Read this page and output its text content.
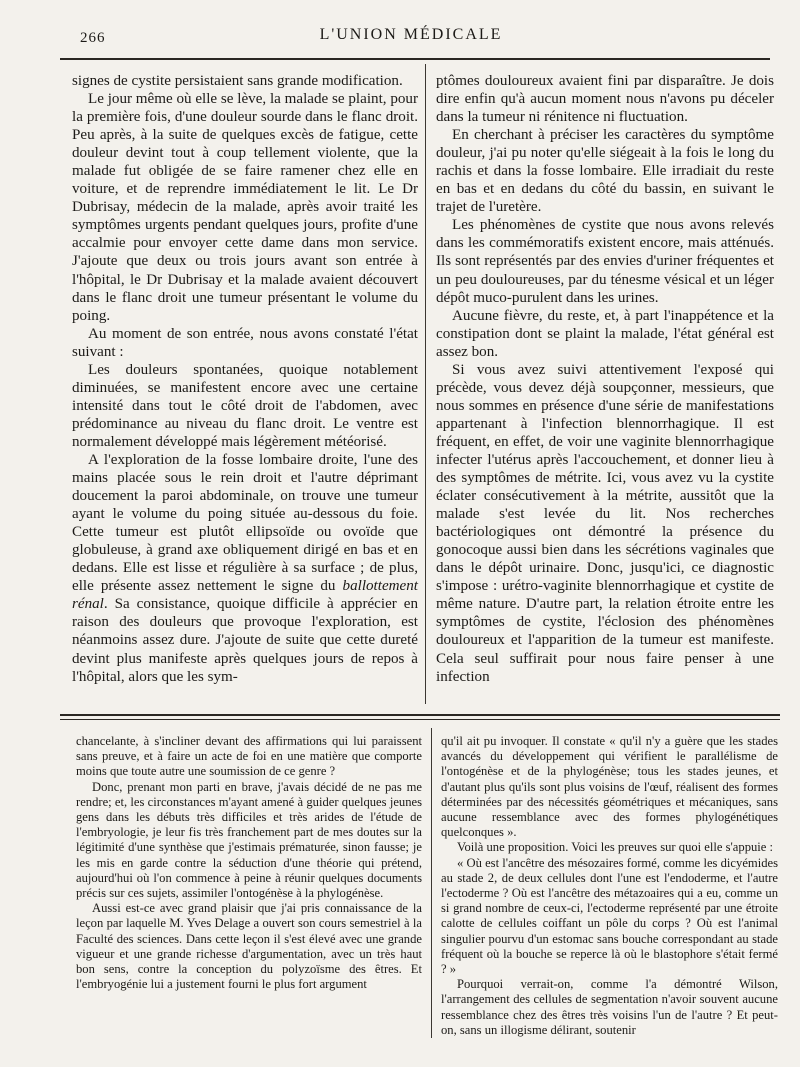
266	L'UNION MÉDICALE

signes de cystite persistaient sans grande modification.

Le jour même où elle se lève, la malade se plaint, pour la première fois, d'une douleur sourde dans le flanc droit. Peu après, à la suite de quelques excès de fatigue, cette douleur devint tout à coup tellement violente, que la malade fut obligée de se faire ramener chez elle en voiture, et de reprendre immédiatement le lit. Le Dr Dubrisay, médecin de la malade, après avoir traité les symptômes urgents pendant quelques jours, profite d'une accalmie pour envoyer cette dame dans mon service. J'ajoute que deux ou trois jours avant son entrée à l'hôpital, le Dr Dubrisay et la malade avaient découvert dans le flanc droit une tumeur présentant le volume du poing.

Au moment de son entrée, nous avons constaté l'état suivant :

Les douleurs spontanées, quoique notablement diminuées, se manifestent encore avec une certaine intensité dans tout le côté droit de l'abdomen, avec prédominance au niveau du flanc droit. Le ventre est normalement développé mais légèrement météorisé.

A l'exploration de la fosse lombaire droite, l'une des mains placée sous le rein droit et l'autre déprimant doucement la paroi abdominale, on trouve une tumeur ayant le volume du poing située au-dessous du foie. Cette tumeur est plutôt ellipsoïde ou ovoïde que globuleuse, à grand axe obliquement dirigé en bas et en dedans. Elle est lisse et régulière à sa surface ; de plus, elle présente assez nettement le signe du ballottement rénal. Sa consistance, quoique difficile à apprécier en raison des douleurs que provoque l'exploration, est néanmoins assez dure. J'ajoute de suite que cette dureté devint plus manifeste après quelques jours de repos à l'hôpital, alors que les sym-

ptômes douloureux avaient fini par disparaître. Je dois dire enfin qu'à aucun moment nous n'avons pu déceler dans la tumeur ni rénitence ni fluctuation.

En cherchant à préciser les caractères du symptôme douleur, j'ai pu noter qu'elle siégeait à la fois le long du rachis et dans la fosse lombaire. Elle irradiait du reste en bas et en dedans du côté du bassin, en suivant le trajet de l'uretère.

Les phénomènes de cystite que nous avons relevés dans les commémoratifs existent encore, mais atténués. Ils sont représentés par des envies d'uriner fréquentes et un peu douloureuses, par du ténesme vésical et un léger dépôt muco-purulent dans les urines.

Aucune fièvre, du reste, et, à part l'inappétence et la constipation dont se plaint la malade, l'état général est assez bon.

Si vous avez suivi attentivement l'exposé qui précède, vous devez déjà soupçonner, messieurs, que nous sommes en présence d'une série de manifestations appartenant à l'infection blennorrhagique. Il est fréquent, en effet, de voir une vaginite blennorrhagique infecter l'utérus après l'accouchement, et donner lieu à des symptômes de métrite. Ici, vous avez vu la cystite éclater consécutivement à la métrite, aussitôt que la malade s'est levée du lit. Nos recherches bactériologiques ont démontré la présence du gonocoque aussi bien dans les sécrétions vaginales que dans le dépôt urinaire. Donc, jusqu'ici, ce diagnostic s'impose : urétro-vaginite blennorrhagique et cystite de même nature. D'autre part, la relation étroite entre les symptômes de cystite, l'éclosion des phénomènes douloureux et l'apparition de la tumeur est manifeste. Cela seul suffirait pour nous faire penser à une infection

chancelante, à s'incliner devant des affirmations qui lui paraissent sans preuve, et à faire un acte de foi en une matière que comporte moins que toute autre une soumission de ce genre ?

Donc, prenant mon parti en brave, j'avais décidé de ne pas me rendre; et, les circonstances m'ayant amené à guider quelques jeunes gens dans les débuts très difficiles et très arides de l'étude de l'embryologie, je leur fis très franchement part de mes doutes sur la légitimité d'une synthèse que j'estimais prématurée, sinon fausse; je les mis en garde contre la séduction d'une théorie qui prétend, aujourd'hui où l'on commence à peine à réunir quelques documents précis sur ces sujets, assimiler l'ontogénèse à la phylogénèse.

Aussi est-ce avec grand plaisir que j'ai pris connaissance de la leçon par laquelle M. Yves Delage a ouvert son cours semestriel à la Faculté des sciences. Dans cette leçon il s'est élevé avec une grande vigueur et une grande richesse d'argumentation, avec un très haut bon sens, contre la conception du polyzoïsme des êtres. Et l'embryogénie lui a justement fourni le plus fort argument

qu'il ait pu invoquer. Il constate « qu'il n'y a guère que les stades avancés du développement qui vérifient le parallélisme de l'ontogénèse et de la phylogénèse; tous les stades jeunes, et d'autant plus qu'ils sont plus voisins de l'œuf, réalisent des formes déterminées par des nécessités géométriques et mécaniques, sans aucune ressemblance avec des formes phylogénétiques quelconques ».

Voilà une proposition. Voici les preuves sur quoi elle s'appuie :

« Où est l'ancêtre des mésozaires formé, comme les dicyémides au stade 2, de deux cellules dont l'une est l'endoderme, et l'autre l'ectoderme ? Où est l'ancêtre des métazoaires qui a eu, comme un si grand nombre de ceux-ci, l'ectoderme représenté par une étroite calotte de cellules coiffant un pôle du corps ? Où est l'animal singulier pourvu d'un estomac sans bouche correspondant au stade fréquent où la bouche se reperce là où le blastophore s'était fermé ? »

Pourquoi verrait-on, comme l'a démontré Wilson, l'arrangement des cellules de segmentation n'avoir souvent aucune ressemblance chez des êtres très voisins l'un de l'autre ? Et peut-on, sans un illogisme délirant, soutenir
